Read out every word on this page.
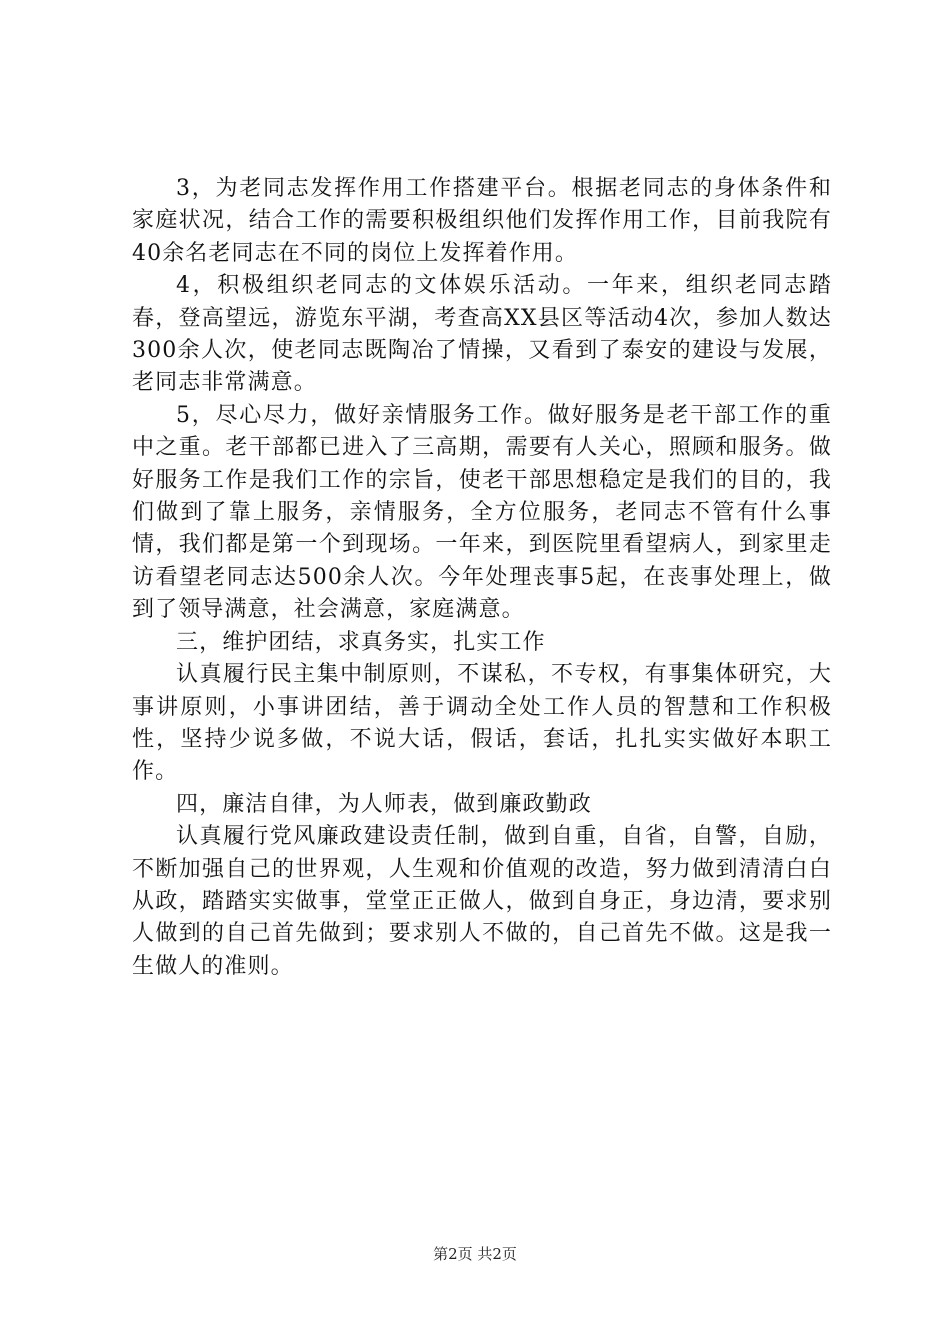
3，为老同志发挥作用工作搭建平台。根据老同志的身体条件和家庭状况，结合工作的需要积极组织他们发挥作用工作，目前我院有40余名老同志在不同的岗位上发挥着作用。

4，积极组织老同志的文体娱乐活动。一年来，组织老同志踏春，登高望远，游览东平湖，考查高XX县区等活动4次，参加人数达300余人次，使老同志既陶冶了情操，又看到了泰安的建设与发展，老同志非常满意。

5，尽心尽力，做好亲情服务工作。做好服务是老干部工作的重中之重。老干部都已进入了三高期，需要有人关心，照顾和服务。做好服务工作是我们工作的宗旨，使老干部思想稳定是我们的目的，我们做到了靠上服务，亲情服务，全方位服务，老同志不管有什么事情，我们都是第一个到现场。一年来，到医院里看望病人，到家里走访看望老同志达500余人次。今年处理丧事5起，在丧事处理上，做到了领导满意，社会满意，家庭满意。

三，维护团结，求真务实，扎实工作

认真履行民主集中制原则，不谋私，不专权，有事集体研究，大事讲原则，小事讲团结，善于调动全处工作人员的智慧和工作积极性，坚持少说多做，不说大话，假话，套话，扎扎实实做好本职工作。

四，廉洁自律，为人师表，做到廉政勤政

认真履行党风廉政建设责任制，做到自重，自省，自警，自励，不断加强自己的世界观，人生观和价值观的改造，努力做到清清白白从政，踏踏实实做事，堂堂正正做人，做到自身正，身边清，要求别人做到的自己首先做到；要求别人不做的，自己首先不做。这是我一生做人的准则。

第2页 共2页
